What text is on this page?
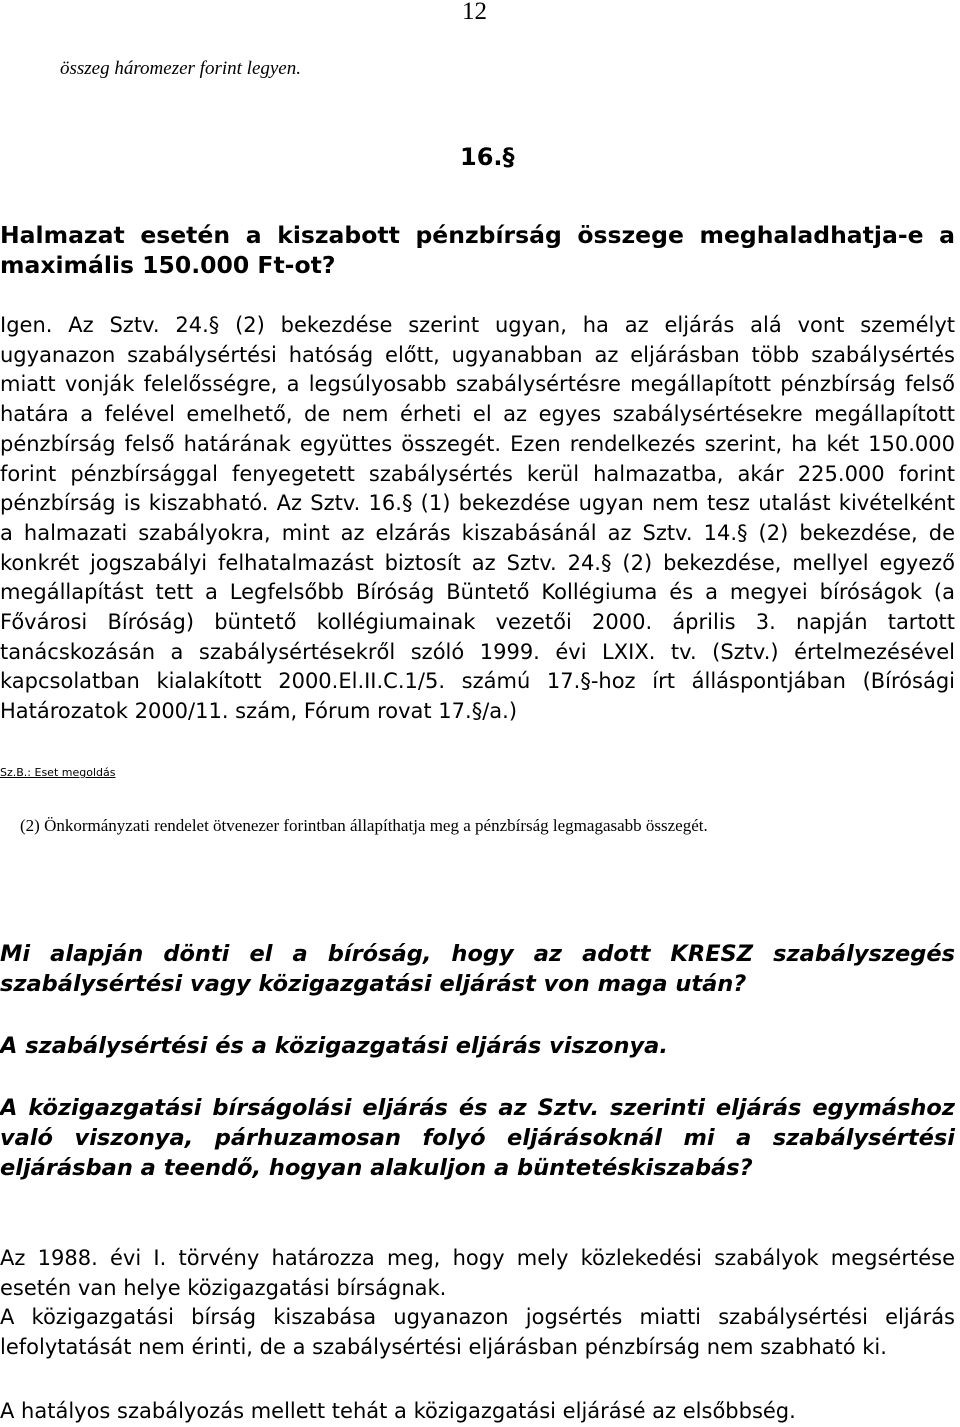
12

összeg háromezer forint legyen.

16.§

Halmazat esetén a kiszabott pénzbírság összege meghaladhatja-e a maximális 150.000 Ft-ot?

Igen. Az Sztv. 24.§ (2) bekezdése szerint ugyan, ha az eljárás alá vont személyt ugyanazon szabálysértési hatóság előtt, ugyanabban az eljárásban több szabálysértés miatt vonják felelősségre, a legsúlyosabb szabálysértésre megállapított pénzbírság felső határa a felével emelhető, de nem érheti el az egyes szabálysértésekre megállapított pénzbírság felső határának együttes összegét. Ezen rendelkezés szerint, ha két 150.000 forint pénzbírsággal fenyegetett szabálysértés kerül halmazatba, akár 225.000 forint pénzbírság is kiszabható. Az Sztv. 16.§ (1) bekezdése ugyan nem tesz utalást kivételként a halmazati szabályokra, mint az elzárás kiszabásánál az Sztv. 14.§ (2) bekezdése, de konkrét jogszabályi felhatalmazást biztosít az Sztv. 24.§ (2) bekezdése, mellyel egyező megállapítást tett a Legfelsőbb Bíróság Büntető Kollégiuma és a megyei bíróságok (a Fővárosi Bíróság) büntető kollégiumainak vezetői 2000. április 3. napján tartott tanácskozásán a szabálysértésekről szóló 1999. évi LXIX. tv. (Sztv.) értelmezésével kapcsolatban kialakított 2000.El.II.C.1/5. számú 17.§-hoz írt álláspontjában (Bírósági Határozatok 2000/11. szám, Fórum rovat 17.§/a.)

Sz.B.: Eset megoldás

(2) Önkormányzati rendelet ötvenezer forintban állapíthatja meg a pénzbírság legmagasabb összegét.

Mi alapján dönti el a bíróság, hogy az adott KRESZ szabályszegés szabálysértési vagy közigazgatási eljárást von maga után?

A szabálysértési és a közigazgatási eljárás viszonya.

A közigazgatási bírságolási eljárás és az Sztv. szerinti eljárás egymáshoz való viszonya, párhuzamosan folyó eljárásoknál mi a szabálysértési eljárásban a teendő, hogyan alakuljon a büntetéskiszabás?

Az 1988. évi I. törvény határozza meg, hogy mely közlekedési szabályok megsértése esetén van helye közigazgatási bírságnak.

A közigazgatási bírság kiszabása ugyanazon jogsértés miatti szabálysértési eljárás lefolytatását nem érinti, de a szabálysértési eljárásban pénzbírság nem szabható ki.

A hatályos szabályozás mellett tehát a közigazgatási eljárásé az elsőbbség.
